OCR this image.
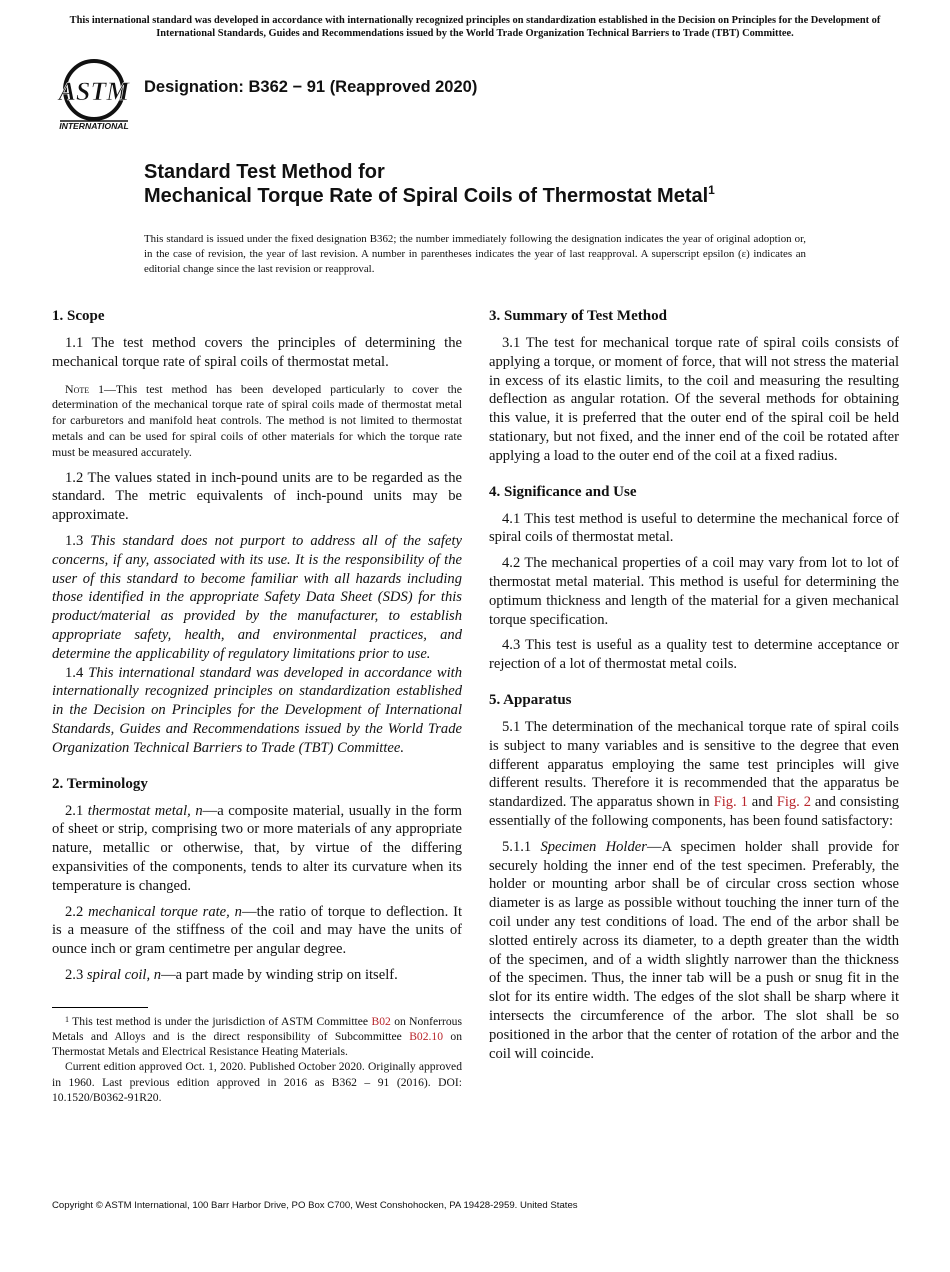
This international standard was developed in accordance with internationally recognized principles on standardization established in the Decision on Principles for the Development of International Standards, Guides and Recommendations issued by the World Trade Organization Technical Barriers to Trade (TBT) Committee.
ASTM
INTERNATIONAL
Designation: B362 − 91 (Reapproved 2020)
Standard Test Method for
Mechanical Torque Rate of Spiral Coils of Thermostat Metal$^1$
This standard is issued under the fixed designation B362; the number immediately following the designation indicates the year of original adoption or, in the case of revision, the year of last revision. A number in parentheses indicates the year of last reapproval. A superscript epsilon (ε) indicates an editorial change since the last revision or reapproval.
1. Scope

1.1 The test method covers the principles of determining the mechanical torque rate of spiral coils of thermostat metal.

Note 1—This test method has been developed particularly to cover the determination of the mechanical torque rate of spiral coils made of thermostat metal for carburetors and manifold heat controls. The method is not limited to thermostat metals and can be used for spiral coils of other materials for which the torque rate must be measured accurately.

1.2 The values stated in inch-pound units are to be regarded as the standard. The metric equivalents of inch-pound units may be approximate.

1.3 This standard does not purport to address all of the safety concerns, if any, associated with its use. It is the responsibility of the user of this standard to become familiar with all hazards including those identified in the appropriate Safety Data Sheet (SDS) for this product/material as provided by the manufacturer, to establish appropriate safety, health, and environmental practices, and determine the applicability of regulatory limitations prior to use.

1.4 This international standard was developed in accordance with internationally recognized principles on standardization established in the Decision on Principles for the Development of International Standards, Guides and Recommendations issued by the World Trade Organization Technical Barriers to Trade (TBT) Committee.

2. Terminology

2.1 thermostat metal, n—a composite material, usually in the form of sheet or strip, comprising two or more materials of any appropriate nature, metallic or otherwise, that, by virtue of the differing expansivities of the components, tends to alter its curvature when its temperature is changed.

2.2 mechanical torque rate, n—the ratio of torque to deflection. It is a measure of the stiffness of the coil and may have the units of ounce inch or gram centimetre per angular degree.

2.3 spiral coil, n—a part made by winding strip on itself.

$^1$ This test method is under the jurisdiction of ASTM Committee B02 on Nonferrous Metals and Alloys and is the direct responsibility of Subcommittee B02.10 on Thermostat Metals and Electrical Resistance Heating Materials.

Current edition approved Oct. 1, 2020. Published October 2020. Originally approved in 1960. Last previous edition approved in 2016 as B362 – 91 (2016). DOI: 10.1520/B0362-91R20.

3. Summary of Test Method

3.1 The test for mechanical torque rate of spiral coils consists of applying a torque, or moment of force, that will not stress the material in excess of its elastic limits, to the coil and measuring the resulting deflection as angular rotation. Of the several methods for obtaining this value, it is preferred that the outer end of the spiral coil be held stationary, but not fixed, and the inner end of the coil be rotated after applying a load to the outer end of the coil at a fixed radius.

4. Significance and Use

4.1 This test method is useful to determine the mechanical force of spiral coils of thermostat metal.

4.2 The mechanical properties of a coil may vary from lot to lot of thermostat metal material. This method is useful for determining the optimum thickness and length of the material for a given mechanical torque specification.

4.3 This test is useful as a quality test to determine acceptance or rejection of a lot of thermostat metal coils.

5. Apparatus

5.1 The determination of the mechanical torque rate of spiral coils is subject to many variables and is sensitive to the degree that even different apparatus employing the same test principles will give different results. Therefore it is recommended that the apparatus be standardized. The apparatus shown in Fig. 1 and Fig. 2 and consisting essentially of the following components, has been found satisfactory:

5.1.1 Specimen Holder—A specimen holder shall provide for securely holding the inner end of the test specimen. Preferably, the holder or mounting arbor shall be of circular cross section whose diameter is as large as possible without touching the inner turn of the coil under any test conditions of load. The end of the arbor shall be slotted entirely across its diameter, to a depth greater than the width of the specimen, and of a width slightly narrower than the thickness of the specimen. Thus, the inner tab will be a push or snug fit in the slot for its entire width. The edges of the slot shall be sharp where it intersects the circumference of the arbor. The slot shall be so positioned in the arbor that the center of rotation of the arbor and the coil will coincide.

Copyright © ASTM International, 100 Barr Harbor Drive, PO Box C700, West Conshohocken, PA 19428-2959. United States
